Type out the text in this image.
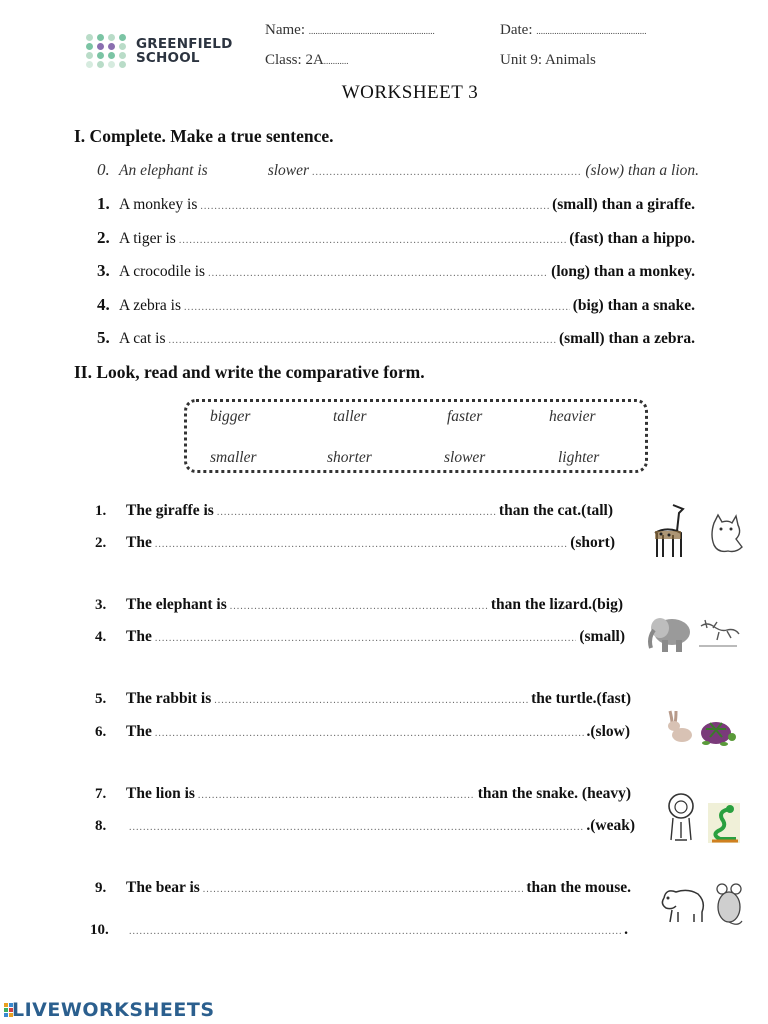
GREENFIELD
SCHOOL
Name: ........................................................	Date: .................................................
Class: 2A...........	Unit 9: Animals
WORKSHEET 3
I. Complete. Make a true sentence.
0. An elephant is	slower .....	(slow) than a lion.
1. A monkey is .....	(small) than a giraffe.
2. A tiger is .....	(fast) than a hippo.
3. A crocodile is .....	(long) than a monkey.
4. A zebra is .....	(big) than a snake.
5. A cat is .....	(small) than a zebra.
II. Look, read and write the comparative form.
bigger	taller	faster	heavier
smaller	shorter	slower	lighter
1.	The giraffe is .....	than the cat.(tall)
2.	The .....	(short)
3.	The elephant is .....	than the lizard.(big)
4.	The .....	(small)
5.	The rabbit is .....	the turtle.(fast)
6.	The .....	.(slow)
7.	The lion is .....	than the snake. (heavy)
8. .....	.(weak)
9.	The bear is .....	than the mouse.
10. .....	.
LIVEWORKSHEETS
